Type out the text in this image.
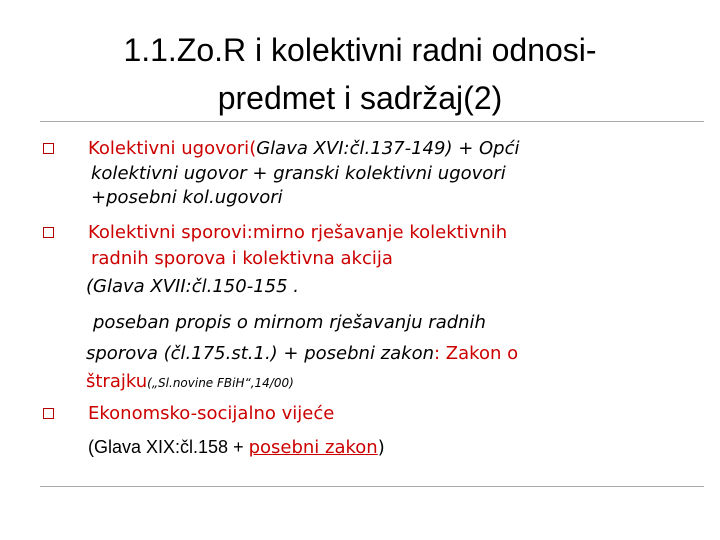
1.1.Zo.R i kolektivni radni odnosi-
predmet i sadržaj(2)
Kolektivni ugovori(Glava XVI:čl.137-149) + Opći
kolektivni ugovor + granski kolektivni ugovori
+posebni kol.ugovori
Kolektivni sporovi:mirno rješavanje kolektivnih
radnih sporova i kolektivna akcija
(Glava XVII:čl.150-155 .
poseban propis o mirnom rješavanju radnih
sporova (čl.175.st.1.) + posebni zakon: Zakon o
štrajku(„Sl.novine FBiH“,14/00)
Ekonomsko-socijalno vijeće
(Glava XIX:čl.158 + posebni zakon)
